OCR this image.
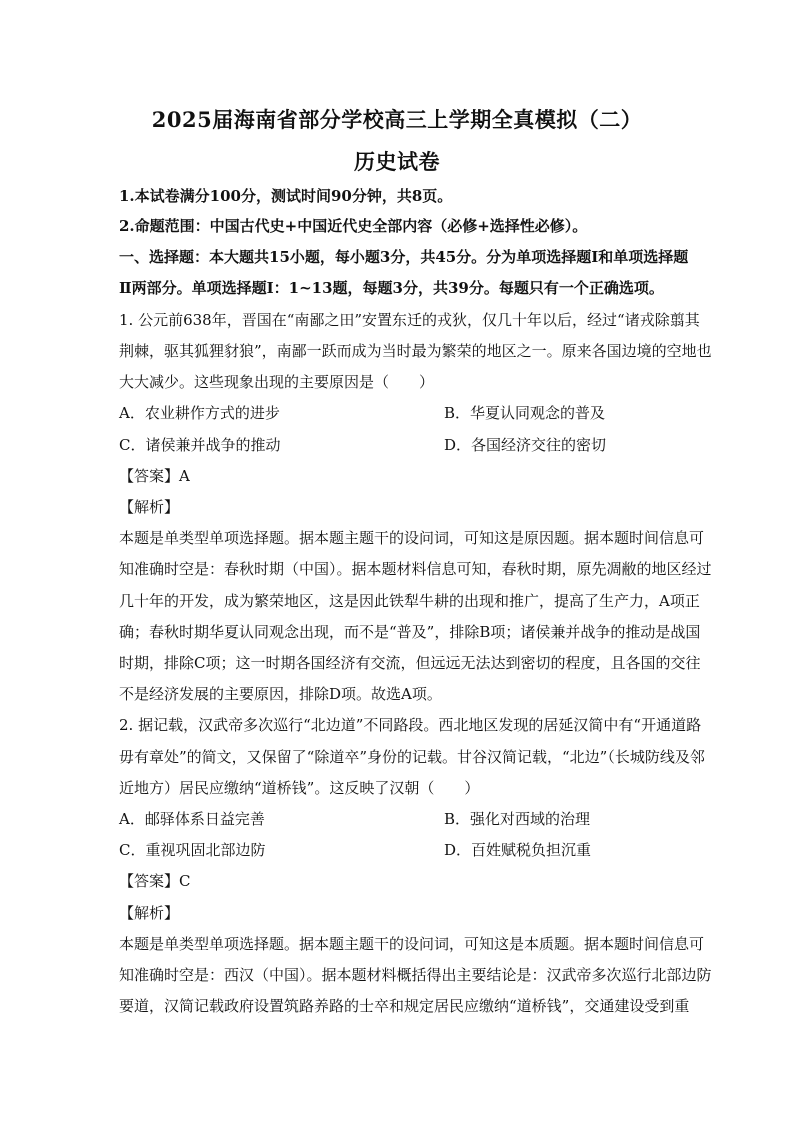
2025届海南省部分学校高三上学期全真模拟（二）
历史试卷
1.本试卷满分100分，测试时间90分钟，共8页。
2.命题范围：中国古代史+中国近代史全部内容（必修+选择性必修）。
一、选择题：本大题共15小题，每小题3分，共45分。分为单项选择题Ⅰ和单项选择题
Ⅱ两部分。单项选择题Ⅰ：1~13题，每题3分，共39分。每题只有一个正确选项。
1. 公元前638年，晋国在“南鄙之田”安置东迁的戎狄，仅几十年以后，经过“诸戎除翦其
荆棘，驱其狐狸豺狼”，南鄙一跃而成为当时最为繁荣的地区之一。原来各国边境的空地也
大大减少。这些现象出现的主要原因是（　　）
A．农业耕作方式的进步	B．华夏认同观念的普及
C．诸侯兼并战争的推动	D．各国经济交往的密切
【答案】A
【解析】
本题是单类型单项选择题。据本题主题干的设问词，可知这是原因题。据本题时间信息可
知准确时空是：春秋时期（中国）。据本题材料信息可知，春秋时期，原先凋敝的地区经过
几十年的开发，成为繁荣地区，这是因此铁犁牛耕的出现和推广，提高了生产力，A项正
确；春秋时期华夏认同观念出现，而不是“普及”，排除B项；诸侯兼并战争的推动是战国
时期，排除C项；这一时期各国经济有交流，但远远无法达到密切的程度，且各国的交往
不是经济发展的主要原因，排除D项。故选A项。
2. 据记载，汉武帝多次巡行“北边道”不同路段。西北地区发现的居延汉简中有“开通道路
毋有章处”的简文，又保留了“除道卒”身份的记载。甘谷汉简记载，“北边”（长城防线及邻
近地方）居民应缴纳“道桥钱”。这反映了汉朝（　　）
A．邮驿体系日益完善	B．强化对西域的治理
C．重视巩固北部边防	D．百姓赋税负担沉重
【答案】C
【解析】
本题是单类型单项选择题。据本题主题干的设问词，可知这是本质题。据本题时间信息可
知准确时空是：西汉（中国）。据本题材料概括得出主要结论是：汉武帝多次巡行北部边防
要道，汉简记载政府设置筑路养路的士卒和规定居民应缴纳“道桥钱”，交通建设受到重
